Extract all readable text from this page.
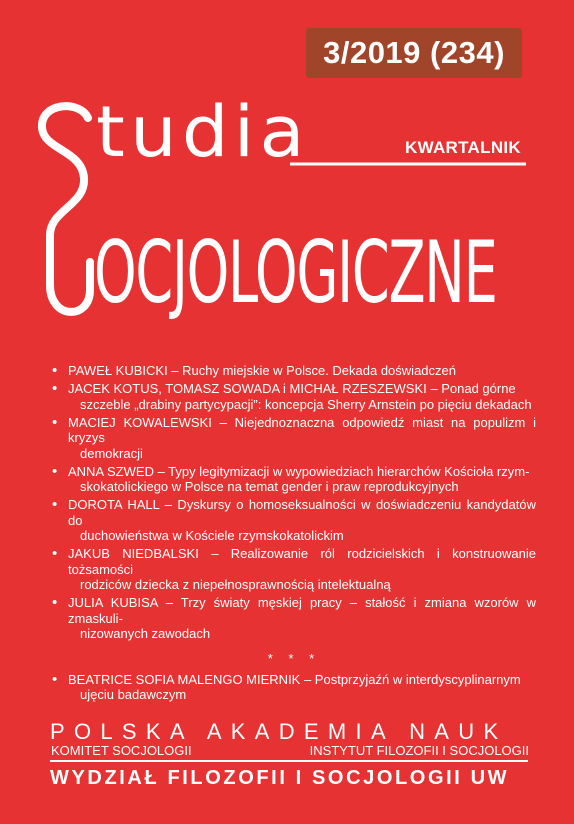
3/2019 (234)
tudia	KWARTALNIK
OCJOLOGICZNE
• PAWEŁ KUBICKI – Ruchy miejskie w Polsce. Dekada doświadczeń
• JACEK KOTUS, TOMASZ SOWADA i MICHAŁ RZESZEWSKI – Ponad górne
szczeble „drabiny partycypacji”: koncepcja Sherry Arnstein po pięciu dekadach
• MACIEJ KOWALEWSKI – Niejednoznaczna odpowiedź miast na populizm i kryzys
demokracji
• ANNA SZWED – Typy legitymizacji w wypowiedziach hierarchów Kościoła rzym-
skokatolickiego w Polsce na temat gender i praw reprodukcyjnych
• DOROTA HALL – Dyskursy o homoseksualności w doświadczeniu kandydatów do
duchowieństwa w Kościele rzymskokatolickim
• JAKUB NIEDBALSKI – Realizowanie ról rodzicielskich i konstruowanie tożsamości
rodziców dziecka z niepełnosprawnością intelektualną
• JULIA KUBISA – Trzy światy męskiej pracy – stałość i zmiana wzorów w zmaskuli-
nizowanych zawodach
* * *
• BEATRICE SOFIA MALENGO MIERNIK – Postprzyjaźń w interdyscyplinarnym
ujęciu badawczym
POLSKA AKADEMIA NAUK
KOMITET SOCJOLOGII	INSTYTUT FILOZOFII I SOCJOLOGII
WYDZIAŁ FILOZOFII I SOCJOLOGII UW
